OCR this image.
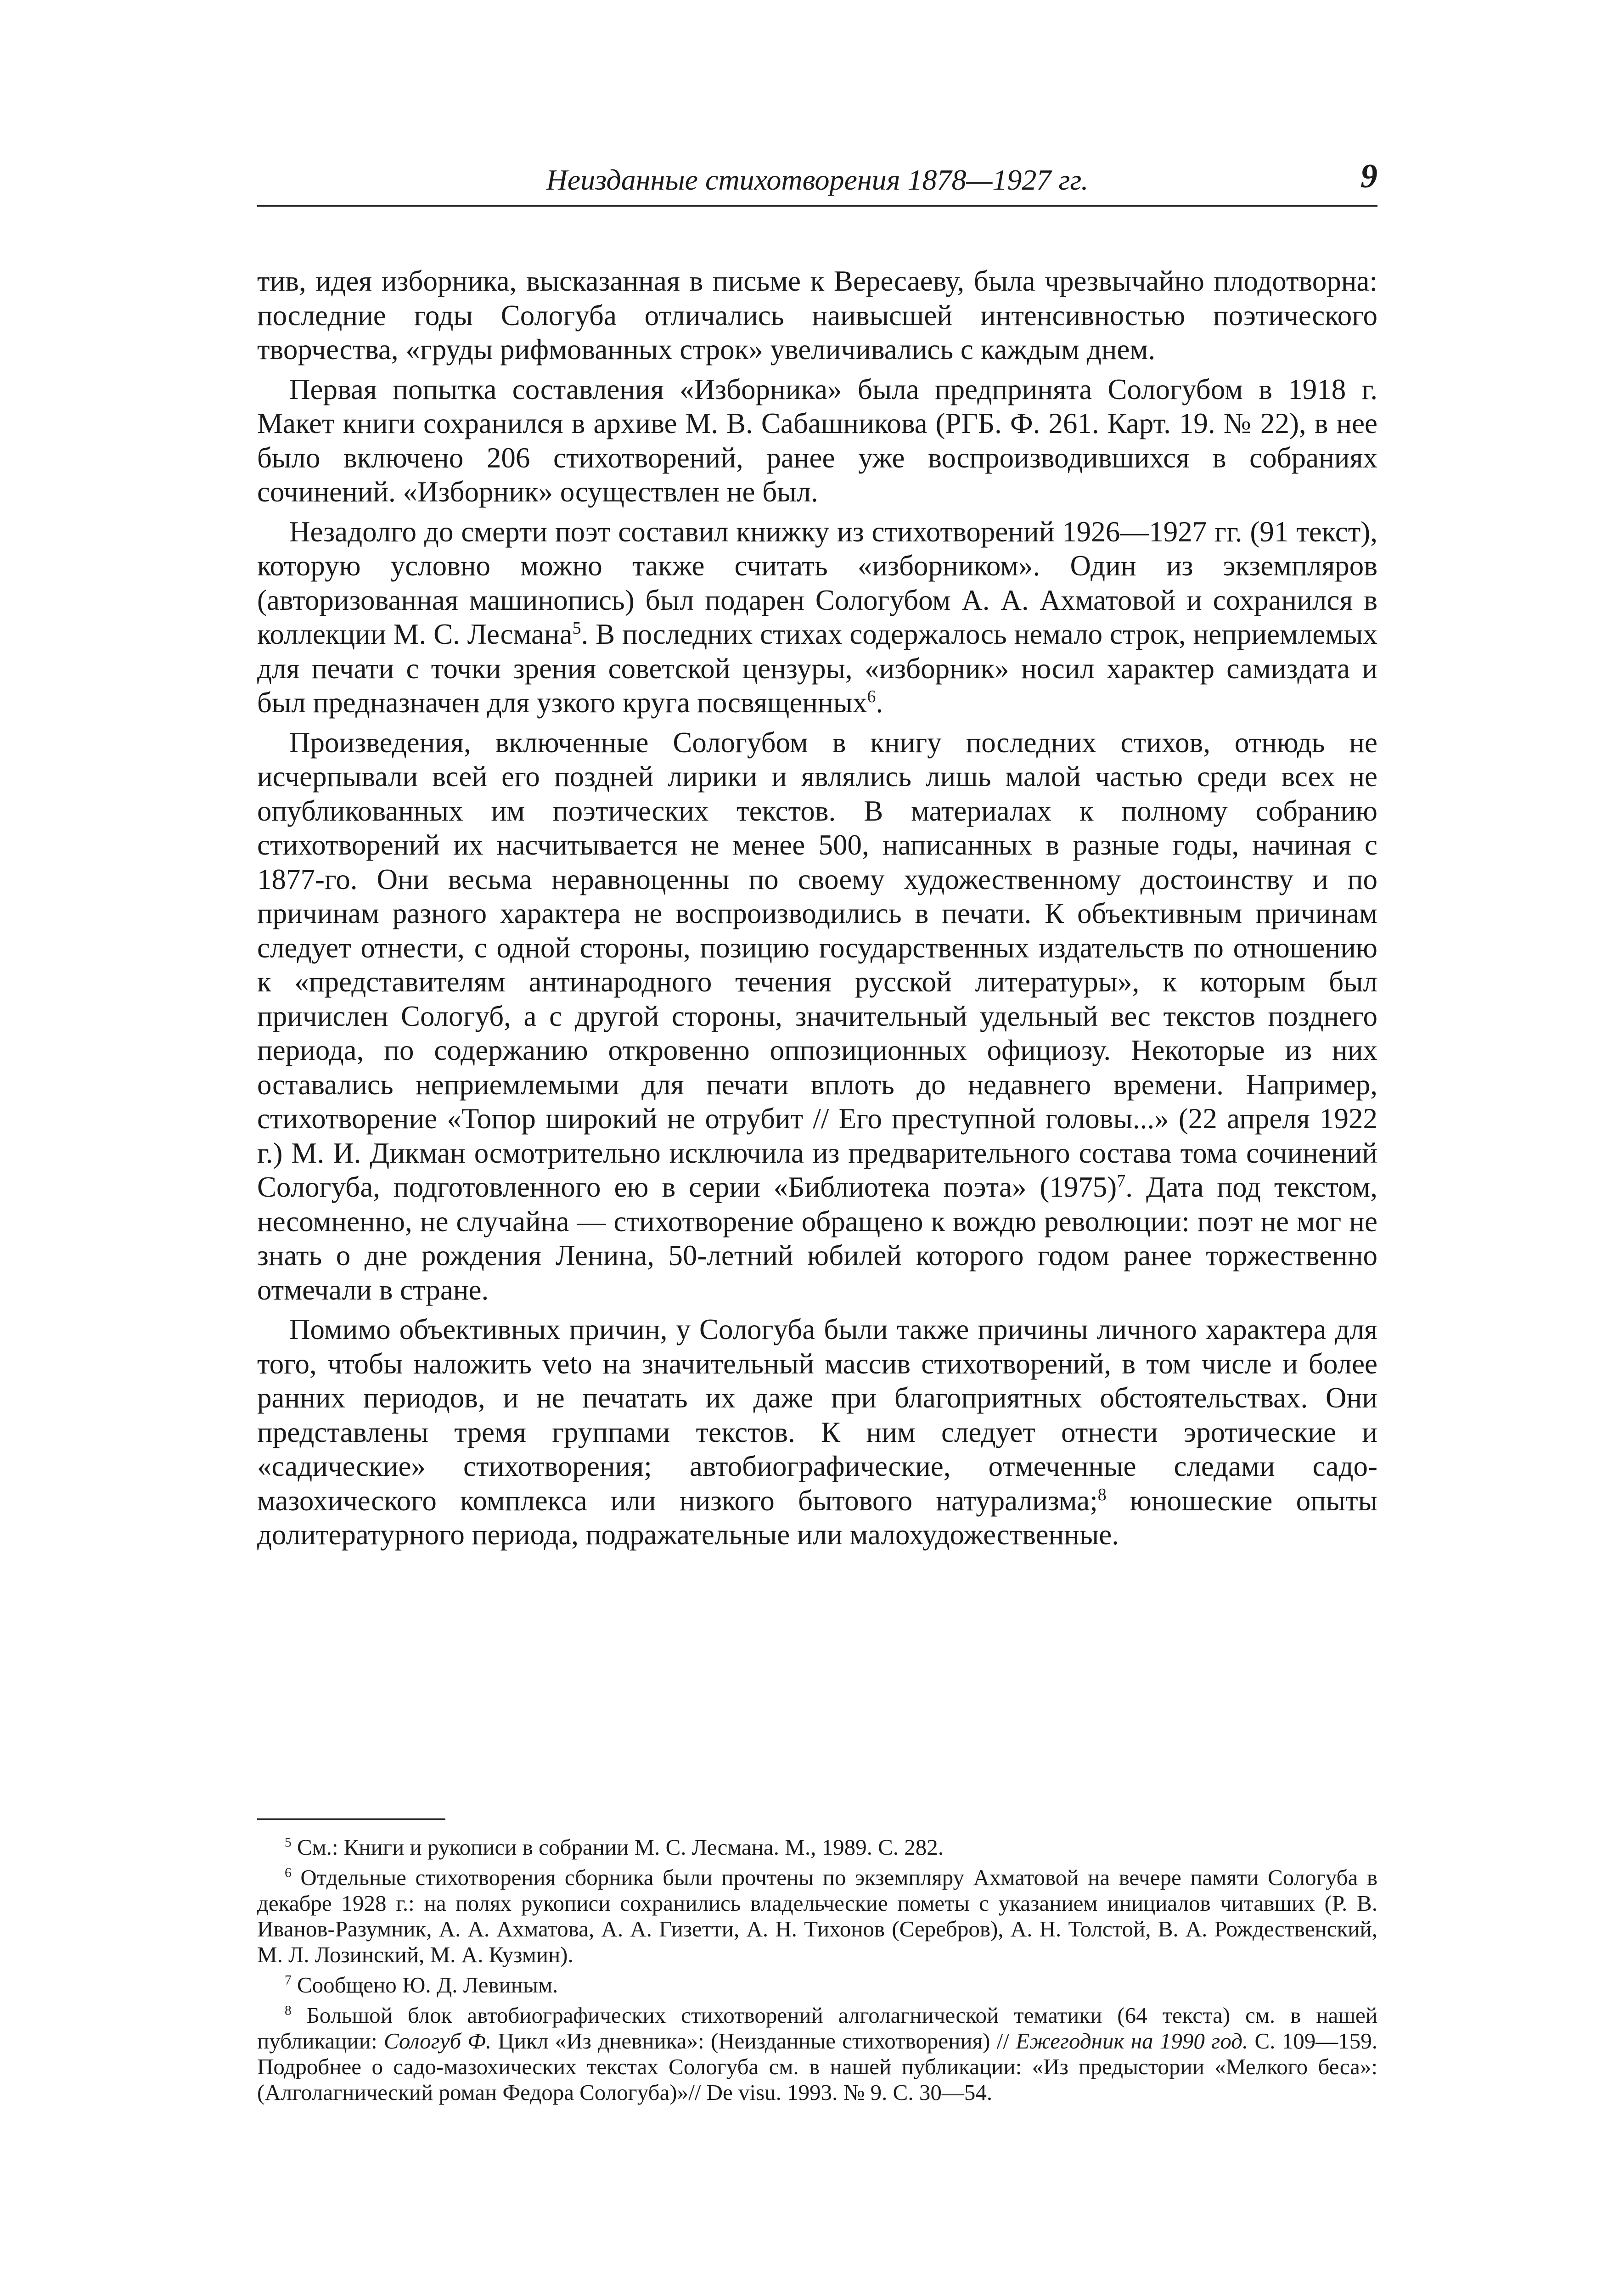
Неизданные стихотворения 1878—1927 гг.	9

тив, идея изборника, высказанная в письме к Вересаеву, была чрезвычайно плодотворна: последние годы Сологуба отличались наивысшей интенсивностью поэтического творчества, «груды рифмованных строк» увеличивались с каждым днем.

Первая попытка составления «Изборника» была предпринята Сологубом в 1918 г. Макет книги сохранился в архиве М. В. Сабашникова (РГБ. Ф. 261. Карт. 19. № 22), в нее было включено 206 стихотворений, ранее уже воспроизводившихся в собраниях сочинений. «Изборник» осуществлен не был.

Незадолго до смерти поэт составил книжку из стихотворений 1926—1927 гг. (91 текст), которую условно можно также считать «изборником». Один из экземпляров (авторизованная машинопись) был подарен Сологубом А. А. Ахматовой и сохранился в коллекции М. С. Лесмана$^5$. В последних стихах содержалось немало строк, неприемлемых для печати с точки зрения советской цензуры, «изборник» носил характер самиздата и был предназначен для узкого круга посвященных$^6$.

Произведения, включенные Сологубом в книгу последних стихов, отнюдь не исчерпывали всей его поздней лирики и являлись лишь малой частью среди всех не опубликованных им поэтических текстов. В материалах к полному собранию стихотворений их насчитывается не менее 500, написанных в разные годы, начиная с 1877-го. Они весьма неравноценны по своему художественному достоинству и по причинам разного характера не воспроизводились в печати. К объективным причинам следует отнести, с одной стороны, позицию государственных издательств по отношению к «представителям антинародного течения русской литературы», к которым был причислен Сологуб, а с другой стороны, значительный удельный вес текстов позднего периода, по содержанию откровенно оппозиционных официозу. Некоторые из них оставались неприемлемыми для печати вплоть до недавнего времени. Например, стихотворение «Топор широкий не отрубит // Его преступной головы...» (22 апреля 1922 г.) М. И. Дикман осмотрительно исключила из предварительного состава тома сочинений Сологуба, подготовленного ею в серии «Библиотека поэта» $(1975)^7$. Дата под текстом, несомненно, не случайна — стихотворение обращено к вождю революции: поэт не мог не знать о дне рождения Ленина, 50-летний юбилей которого годом ранее торжественно отмечали в стране.

Помимо объективных причин, у Сологуба были также причины личного характера для того, чтобы наложить veto на значительный массив стихотворений, в том числе и более ранних периодов, и не печатать их даже при благоприятных обстоятельствах. Они представлены тремя группами текстов. К ним следует отнести эротические и «садические» стихотворения; автобиографические, отмеченные следами садо-мазохического комплекса или низкого бытового натурализма;$^8$ юношеские опыты долитературного периода, подражательные или малохудожественные.

$^5$ См.: Книги и рукописи в собрании М. С. Лесмана. М., 1989. С. 282.

$^6$ Отдельные стихотворения сборника были прочтены по экземпляру Ахматовой на вечере памяти Сологуба в декабре 1928 г.: на полях рукописи сохранились владельческие пометы с указанием инициалов читавших (Р. В. Иванов-Разумник, А. А. Ахматова, А. А. Гизетти, А. Н. Тихонов (Серебров), А. Н. Толстой, В. А. Рождественский, М. Л. Лозинский, М. А. Кузмин).

$^7$ Сообщено Ю. Д. Левиным.

$^8$ Большой блок автобиографических стихотворений алголагнической тематики (64 текста) см. в нашей публикации: Сологуб Ф. Цикл «Из дневника»: (Неизданные стихотворения) // Ежегодник на 1990 год. С. 109—159. Подробнее о садо-мазохических текстах Сологуба см. в нашей публикации: «Из предыстории «Мелкого беса»: (Алголагнический роман Федора Сологуба)»// De visu. 1993. № 9. С. 30—54.
